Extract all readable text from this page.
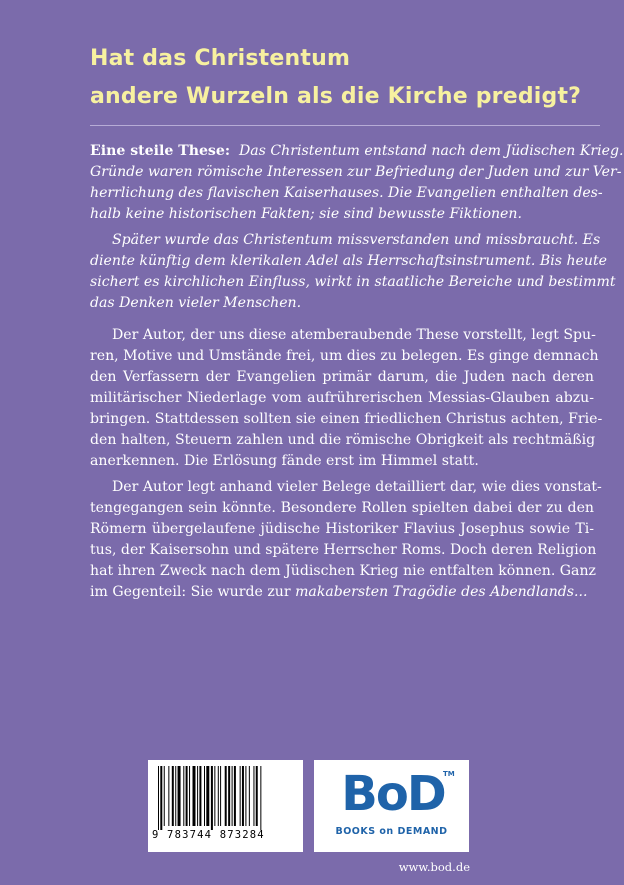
Hat das Christentum
andere Wurzeln als die Kirche predigt?

Eine steile These: Das Christentum entstand nach dem Jüdischen Krieg.
Gründe waren römische Interessen zur Befriedung der Juden und zur Ver-
herrlichung des flavischen Kaiserhauses. Die Evangelien enthalten des-
halb keine historischen Fakten; sie sind bewusste Fiktionen.

Später wurde das Christentum missverstanden und missbraucht. Es
diente künftig dem klerikalen Adel als Herrschaftsinstrument. Bis heute
sichert es kirchlichen Einfluss, wirkt in staatliche Bereiche und bestimmt
das Denken vieler Menschen.

Der Autor, der uns diese atemberaubende These vorstellt, legt Spu-
ren, Motive und Umstände frei, um dies zu belegen. Es ginge demnach
den Verfassern der Evangelien primär darum, die Juden nach deren
militärischer Niederlage vom aufrührerischen Messias-Glauben abzu-
bringen. Stattdessen sollten sie einen friedlichen Christus achten, Frie-
den halten, Steuern zahlen und die römische Obrigkeit als rechtmäßig
anerkennen. Die Erlösung fände erst im Himmel statt.

Der Autor legt anhand vieler Belege detailliert dar, wie dies vonstat-
tengegangen sein könnte. Besondere Rollen spielten dabei der zu den
Römern übergelaufene jüdische Historiker Flavius Josephus sowie Ti-
tus, der Kaisersohn und spätere Herrscher Roms. Doch deren Religion
hat ihren Zweck nach dem Jüdischen Krieg nie entfalten können. Ganz
im Gegenteil: Sie wurde zur makabersten Tragödie des Abendlands...

9 783744 873284
BoD
TM
BOOKS on DEMAND
www.bod.de
